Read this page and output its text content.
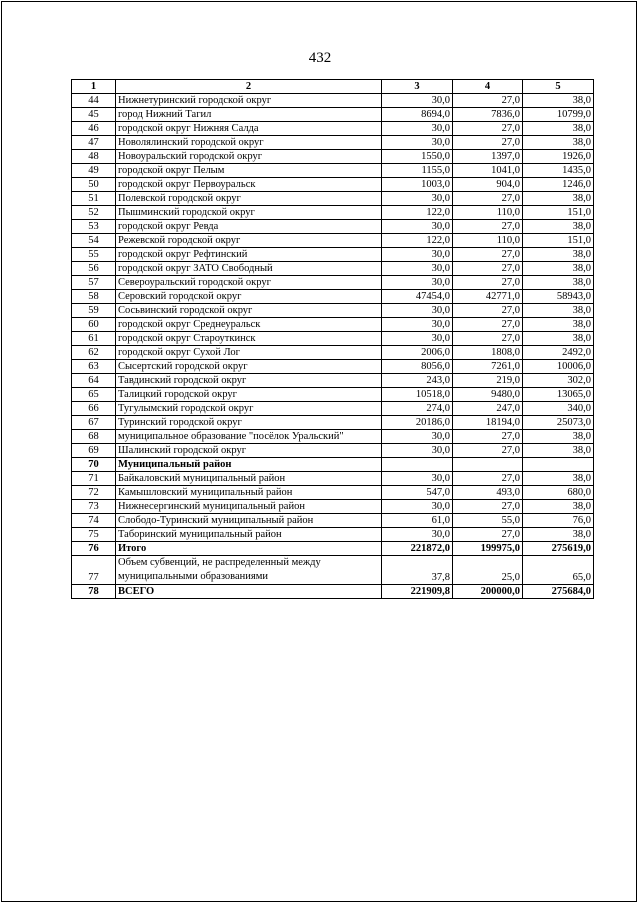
432
1	2	3	4	5
44	Нижнетуринский городской округ	30,0	27,0	38,0
45	город Нижний Тагил	8694,0	7836,0	10799,0
46	городской округ Нижняя Салда	30,0	27,0	38,0
47	Новолялинский городской округ	30,0	27,0	38,0
48	Новоуральский городской округ	1550,0	1397,0	1926,0
49	городской округ Пелым	1155,0	1041,0	1435,0
50	городской округ Первоуральск	1003,0	904,0	1246,0
51	Полевской городской округ	30,0	27,0	38,0
52	Пышминский городской округ	122,0	110,0	151,0
53	городской округ Ревда	30,0	27,0	38,0
54	Режевской городской округ	122,0	110,0	151,0
55	городской округ Рефтинский	30,0	27,0	38,0
56	городской округ ЗАТО Свободный	30,0	27,0	38,0
57	Североуральский городской округ	30,0	27,0	38,0
58	Серовский городской округ	47454,0	42771,0	58943,0
59	Сосьвинский городской округ	30,0	27,0	38,0
60	городской округ Среднеуральск	30,0	27,0	38,0
61	городской округ Староуткинск	30,0	27,0	38,0
62	городской округ Сухой Лог	2006,0	1808,0	2492,0
63	Сысертский городской округ	8056,0	7261,0	10006,0
64	Тавдинский городской округ	243,0	219,0	302,0
65	Талицкий городской округ	10518,0	9480,0	13065,0
66	Тугулымский городской округ	274,0	247,0	340,0
67	Туринский городской округ	20186,0	18194,0	25073,0
68	муниципальное образование "посёлок Уральский"	30,0	27,0	38,0
69	Шалинский городской округ	30,0	27,0	38,0
70	Муниципальный район			
71	Байкаловский муниципальный район	30,0	27,0	38,0
72	Камышловский муниципальный район	547,0	493,0	680,0
73	Нижнесергинский муниципальный район	30,0	27,0	38,0
74	Слободо-Туринский муниципальный район	61,0	55,0	76,0
75	Таборинский муниципальный район	30,0	27,0	38,0
76	Итого	221872,0	199975,0	275619,0
77	Объем субвенций, не распределенный между муниципальными образованиями	37,8	25,0	65,0
78	ВСЕГО	221909,8	200000,0	275684,0
